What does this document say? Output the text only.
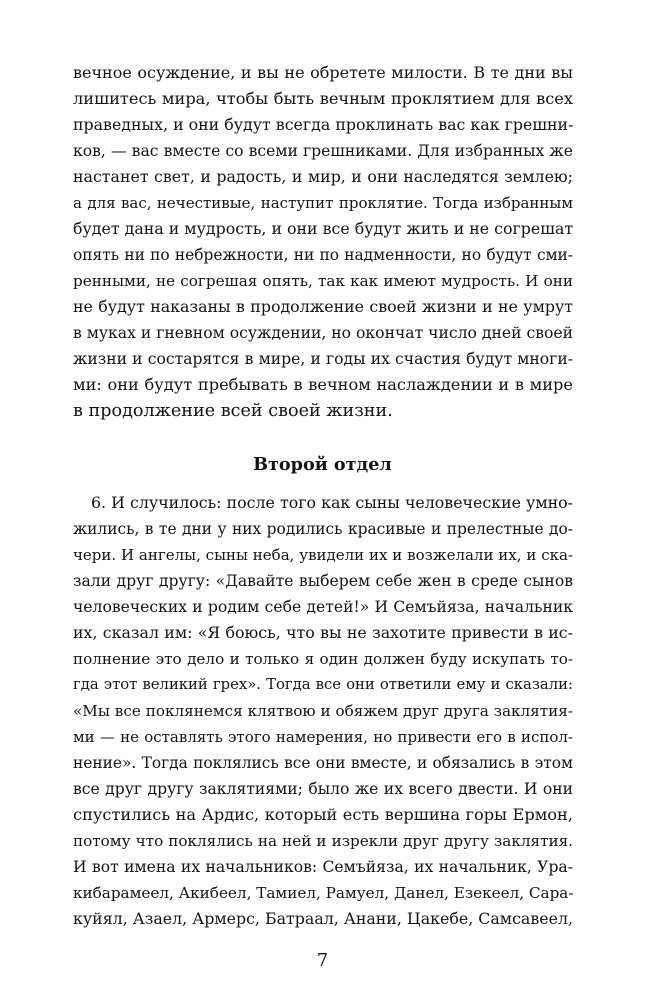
вечное осуждение, и вы не обретете милости. В те дни вы
лишитесь мира, чтобы быть вечным проклятием для всех
праведных, и они будут всегда проклинать вас как грешни-
ков, — вас вместе со всеми грешниками. Для избранных же
настанет свет, и радость, и мир, и они наследятся землею;
а для вас, нечестивые, наступит проклятие. Тогда избранным
будет дана и мудрость, и они все будут жить и не согрешат
опять ни по небрежности, ни по надменности, но будут сми-
ренными, не согрешая опять, так как имеют мудрость. И они
не будут наказаны в продолжение своей жизни и не умрут
в муках и гневном осуждении, но окончат число дней своей
жизни и состарятся в мире, и годы их счастия будут многи-
ми: они будут пребывать в вечном наслаждении и в мире
в продолжение всей своей жизни.
Второй отдел
6. И случилось: после того как сыны человеческие умно-
жились, в те дни у них родились красивые и прелестные до-
чери. И ангелы, сыны неба, увидели их и возжелали их, и ска-
зали друг другу: «Давайте выберем себе жен в среде сынов
человеческих и родим себе детей!» И Семъйяза, начальник
их, сказал им: «Я боюсь, что вы не захотите привести в ис-
полнение это дело и только я один должен буду искупать то-
гда этот великий грех». Тогда все они ответили ему и сказали:
«Мы все поклянемся клятвою и обяжем друг друга заклятия-
ми — не оставлять этого намерения, но привести его в испол-
нение». Тогда поклялись все они вместе, и обязались в этом
все друг другу заклятиями; было же их всего двести. И они
спустились на Ардис, который есть вершина горы Ермон,
потому что поклялись на ней и изрекли друг другу заклятия.
И вот имена их начальников: Семъйяза, их начальник, Ура-
кибарамеел, Акибеел, Тамиел, Рамуел, Данел, Езекеел, Сара-
куйял, Азаел, Армерс, Батраал, Анани, Цакебе, Самсавеел,
7
